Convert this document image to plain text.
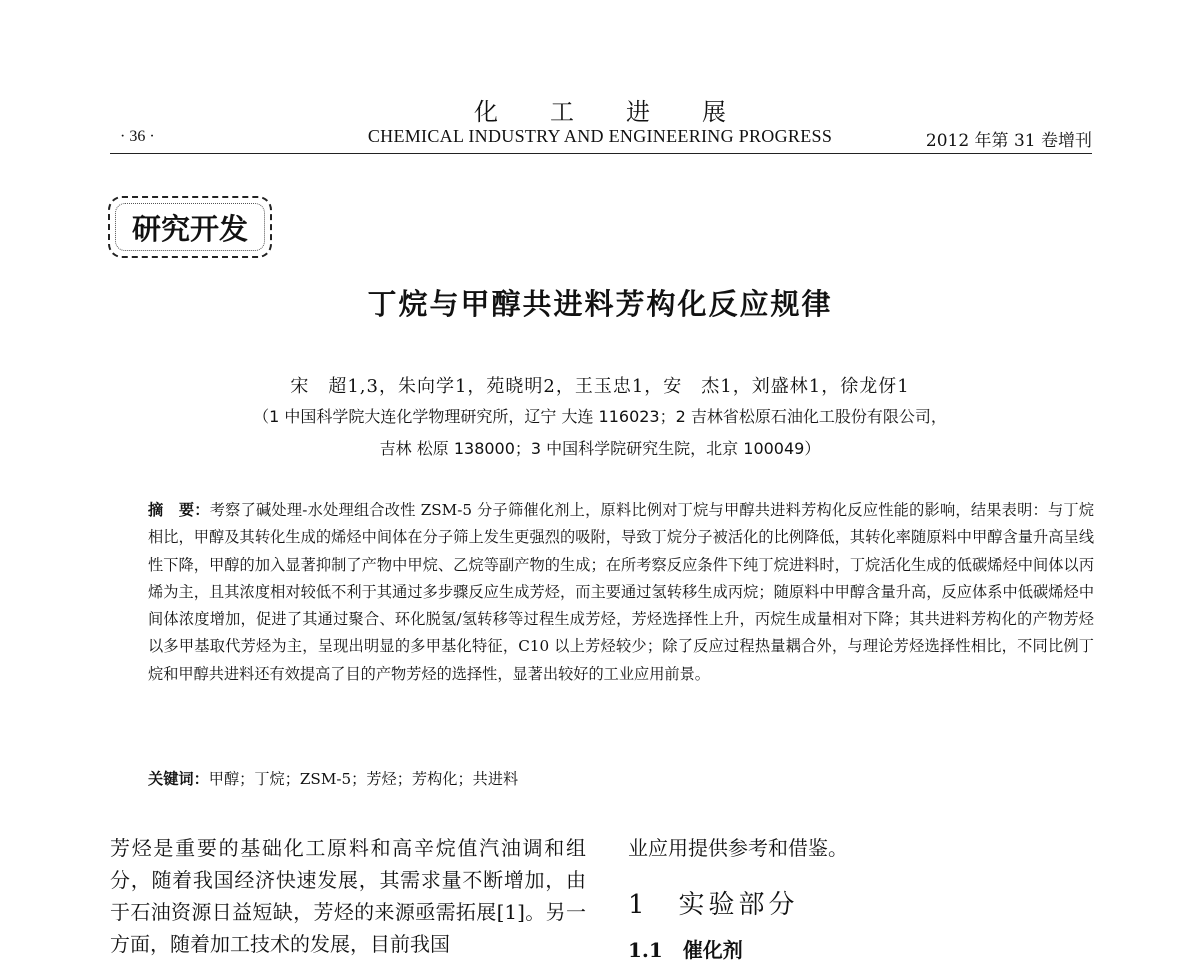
化 工 进 展
CHEMICAL INDUSTRY AND ENGINEERING PROGRESS
· 36 ·	2012 年第 31 卷增刊
研究开发
丁烷与甲醇共进料芳构化反应规律
宋　超1,3，朱向学1，苑晓明2，王玉忠1，安　杰1，刘盛林1，徐龙伢1
（1 中国科学院大连化学物理研究所，辽宁 大连 116023；2 吉林省松原石油化工股份有限公司，
吉林 松原 138000；3 中国科学院研究生院，北京 100049）
摘　要：考察了碱处理-水处理组合改性 ZSM-5 分子筛催化剂上，原料比例对丁烷与甲醇共进料芳构化反应性能的影响，结果表明：与丁烷相比，甲醇及其转化生成的烯烃中间体在分子筛上发生更强烈的吸附，导致丁烷分子被活化的比例降低，其转化率随原料中甲醇含量升高呈线性下降，甲醇的加入显著抑制了产物中甲烷、乙烷等副产物的生成；在所考察反应条件下纯丁烷进料时，丁烷活化生成的低碳烯烃中间体以丙烯为主，且其浓度相对较低不利于其通过多步骤反应生成芳烃，而主要通过氢转移生成丙烷；随原料中甲醇含量升高，反应体系中低碳烯烃中间体浓度增加，促进了其通过聚合、环化脱氢/氢转移等过程生成芳烃，芳烃选择性上升，丙烷生成量相对下降；其共进料芳构化的产物芳烃以多甲基取代芳烃为主，呈现出明显的多甲基化特征，C10 以上芳烃较少；除了反应过程热量耦合外，与理论芳烃选择性相比，不同比例丁烷和甲醇共进料还有效提高了目的产物芳烃的选择性，显著出较好的工业应用前景。
关键词：甲醇；丁烷；ZSM-5；芳烃；芳构化；共进料
芳烃是重要的基础化工原料和高辛烷值汽油调和组分，随着我国经济快速发展，其需求量不断增加，由于石油资源日益短缺，芳烃的来源亟需拓展[1]。另一方面，随着加工技术的发展，目前我国
业应用提供参考和借鉴。
1　实验部分
1.1　催化剂
